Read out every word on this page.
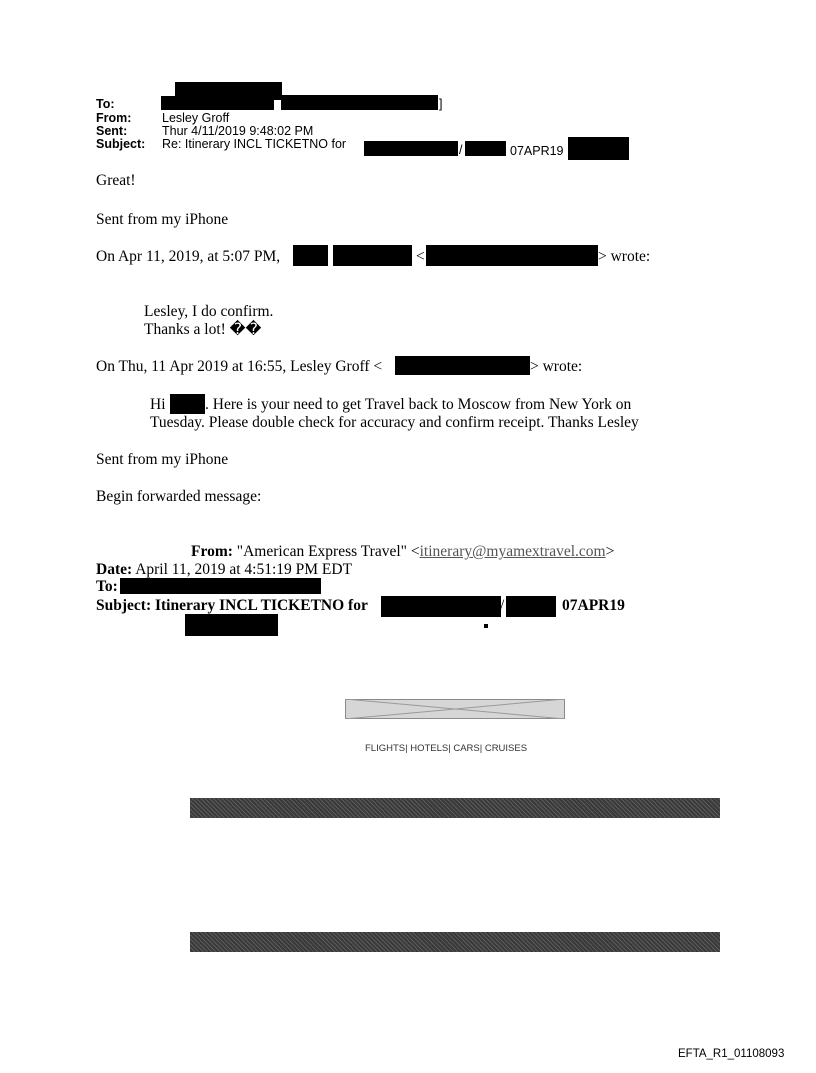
To:	]
From: Lesley Groff
Sent:	Thur 4/11/2019 9:48:02 PM
Subject: Re: Itinerary INCL TICKETNO for	/	07APR19
Great!
Sent from my iPhone
On Apr 11, 2019, at 5:07 PM,	<	> wrote:
Lesley, I do confirm.
Thanks a lot! ��
On Thu, 11 Apr 2019 at 16:55, Lesley Groff <	> wrote:
Hi	. Here is your need to get Travel back to Moscow from New York on
Tuesday. Please double check for accuracy and confirm receipt. Thanks Lesley
Sent from my iPhone
Begin forwarded message:
From: "American Express Travel" <itinerary@myamextravel.com>
Date: April 11, 2019 at 4:51:19 PM EDT
To:
Subject: Itinerary INCL TICKETNO for	/	07APR19
FLIGHTS| HOTELS| CARS| CRUISES
EFTA_R1_01108093
